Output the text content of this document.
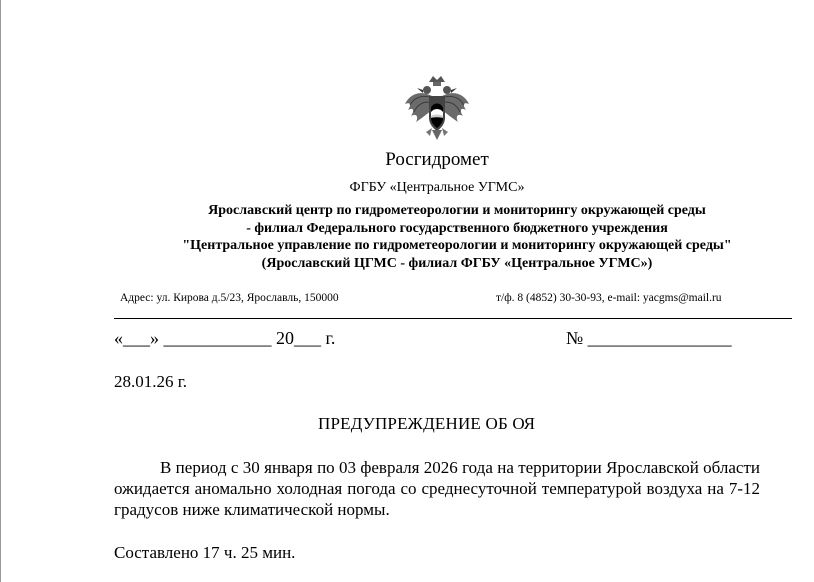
Росгидромет
ФГБУ «Центральное УГМС»
Ярославский центр по гидрометеорологии и мониторингу окружающей среды
- филиал Федерального государственного бюджетного учреждения
"Центральное управление по гидрометеорологии и мониторингу окружающей среды"
(Ярославский ЦГМС - филиал ФГБУ «Центральное УГМС»)
Адрес: ул. Кирова д.5/23, Ярославль, 150000	т/ф. 8 (4852) 30-30-93, e-mail: yacgms@mail.ru
«___» ____________ 20___ г.	№ ________________
28.01.26 г.
ПРЕДУПРЕЖДЕНИЕ ОБ ОЯ
В период с 30 января по 03 февраля 2026 года на территории Ярославской области ожидается аномально холодная погода со среднесуточной температурой воздуха на 7-12 градусов ниже климатической нормы.
Составлено 17 ч. 25 мин.
